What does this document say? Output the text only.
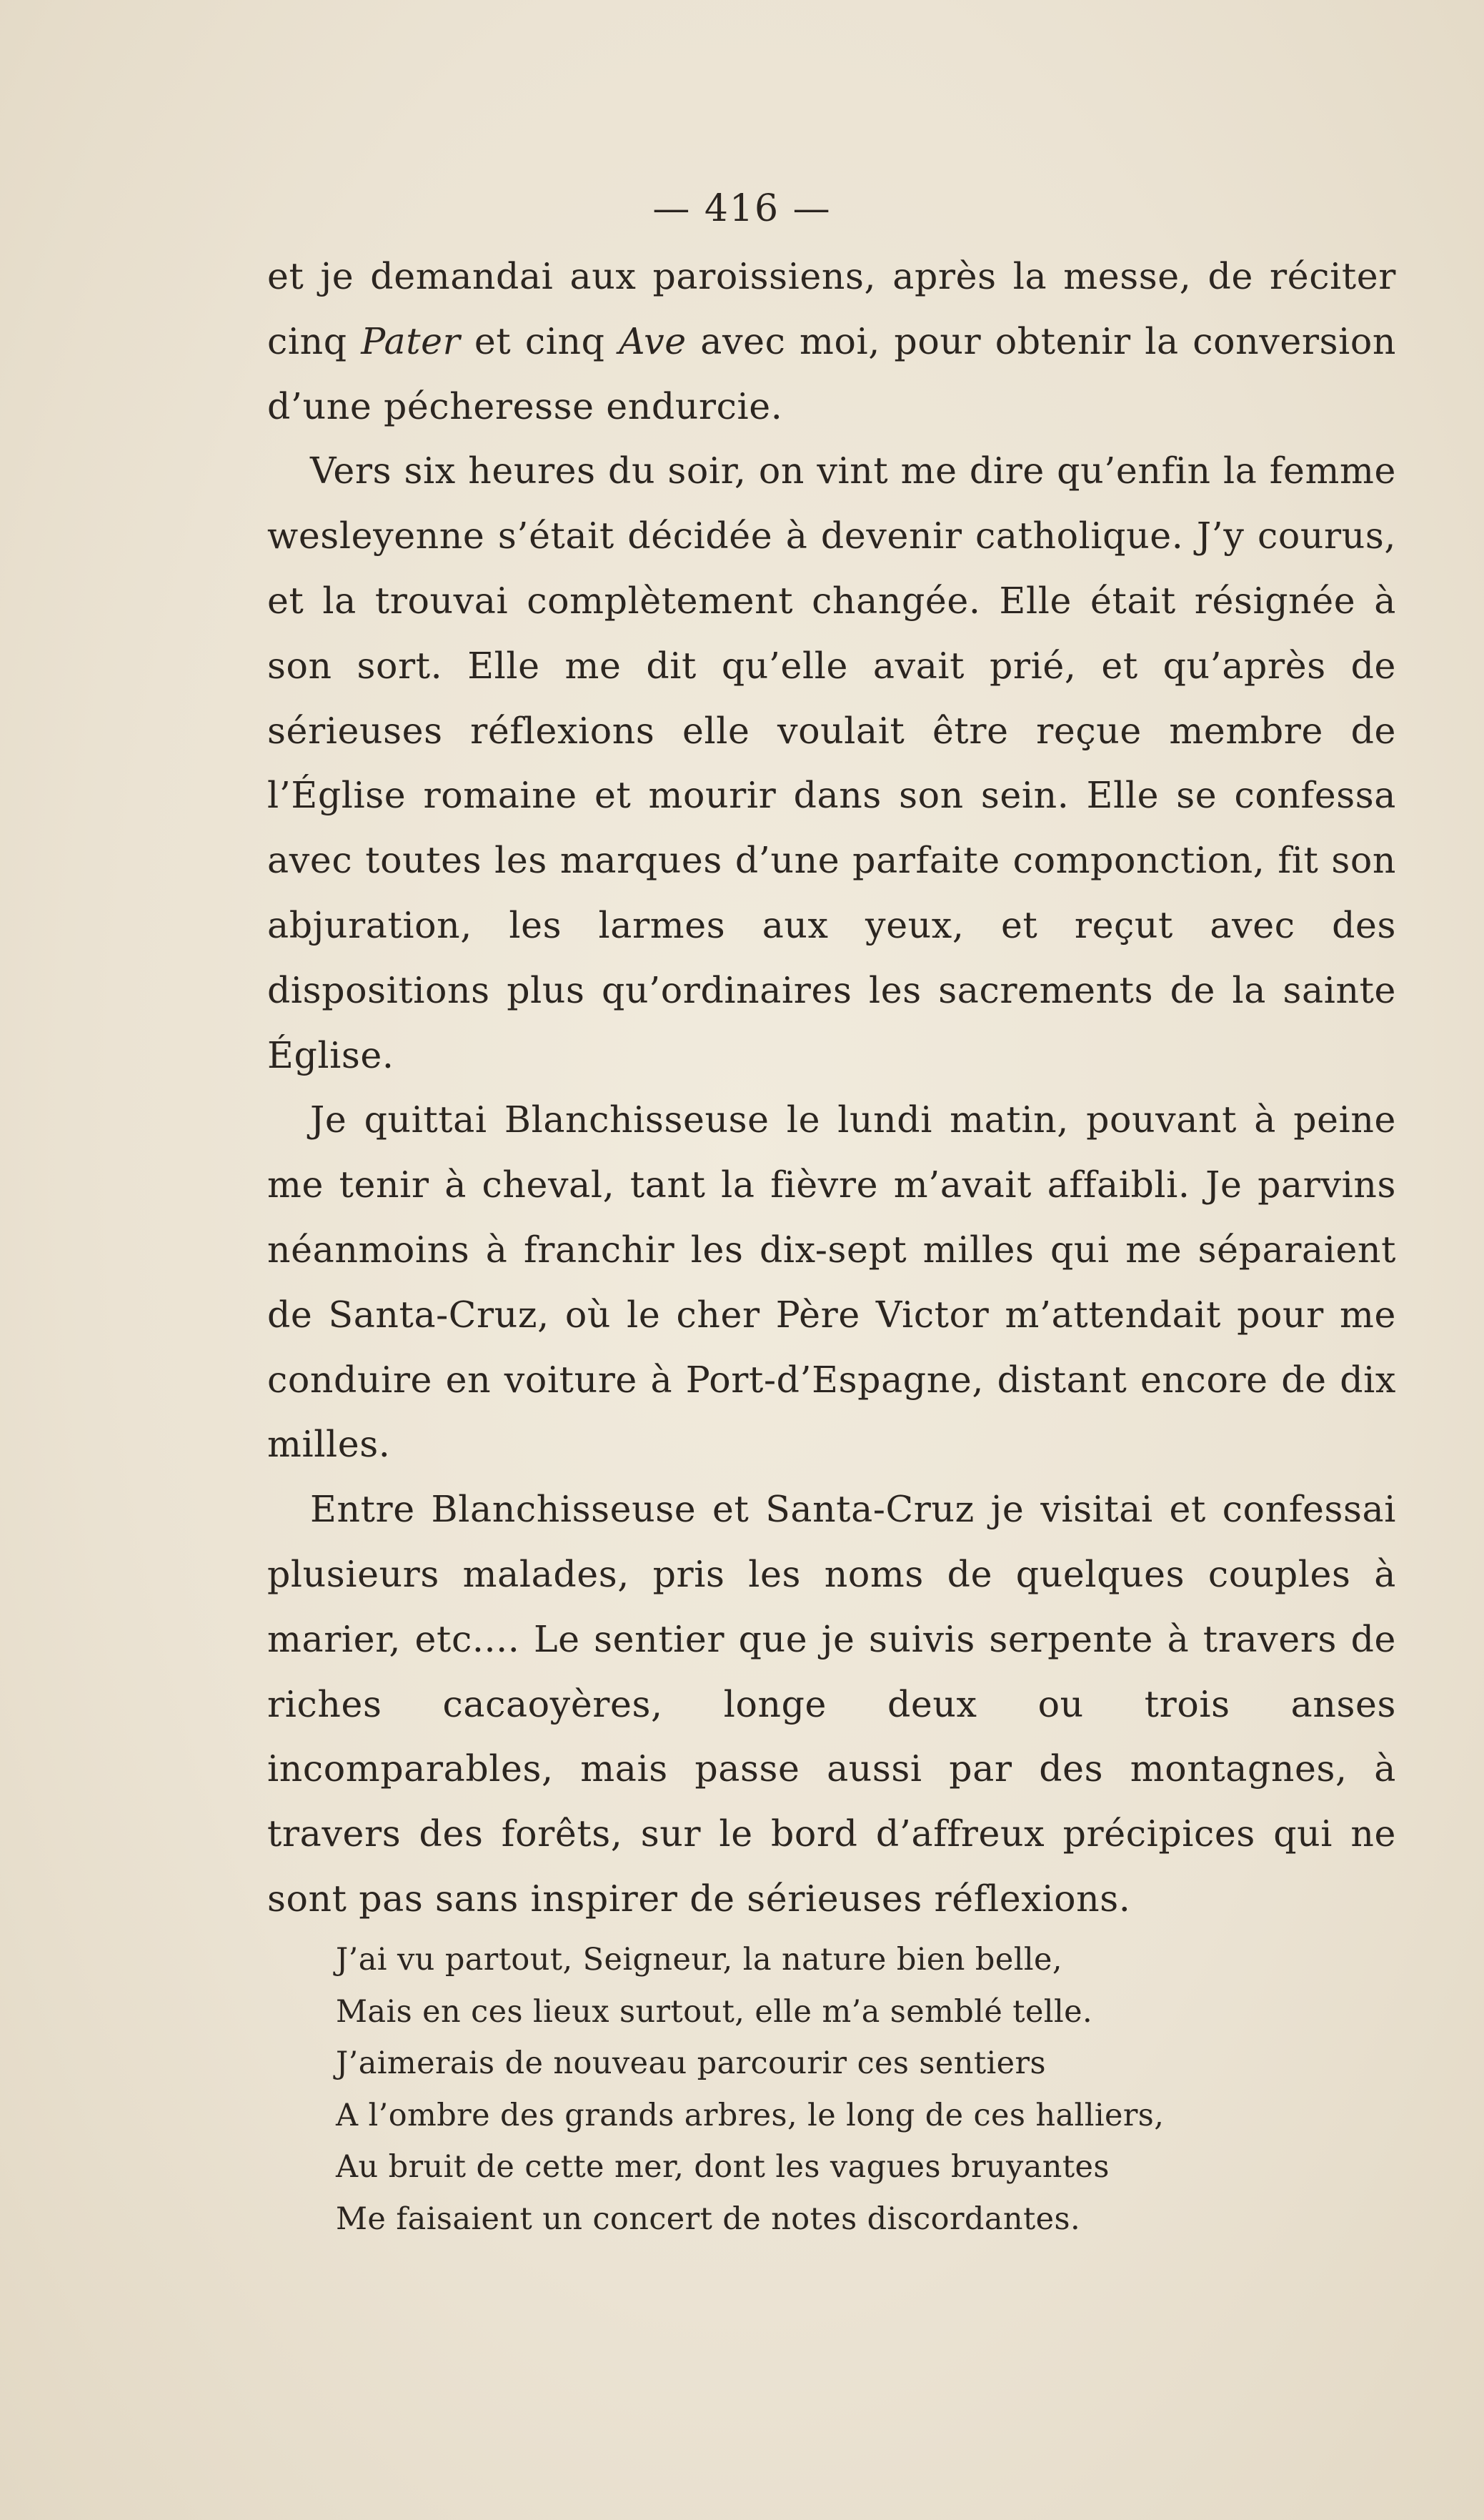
— 416 —

et je demandai aux paroissiens, après la messe, de réciter cinq Pater et cinq Ave avec moi, pour obtenir la conversion d’une pécheresse endurcie.

Vers six heures du soir, on vint me dire qu’enfin la femme wesleyenne s’était décidée à devenir catholique. J’y courus, et la trouvai complètement changée. Elle était résignée à son sort. Elle me dit qu’elle avait prié, et qu’après de sérieuses réflexions elle voulait être reçue membre de l’Église romaine et mourir dans son sein. Elle se confessa avec toutes les marques d’une parfaite componction, fit son abjuration, les larmes aux yeux, et reçut avec des dispositions plus qu’ordinaires les sacrements de la sainte Église.

Je quittai Blanchisseuse le lundi matin, pouvant à peine me tenir à cheval, tant la fièvre m’avait affaibli. Je parvins néanmoins à franchir les dix-sept milles qui me séparaient de Santa-Cruz, où le cher Père Victor m’attendait pour me conduire en voiture à Port-d’Espagne, distant encore de dix milles.

Entre Blanchisseuse et Santa-Cruz je visitai et confessai plusieurs malades, pris les noms de quelques couples à marier, etc.... Le sentier que je suivis serpente à travers de riches cacaoyères, longe deux ou trois anses incomparables, mais passe aussi par des montagnes, à travers des forêts, sur le bord d’affreux précipices qui ne sont pas sans inspirer de sérieuses réflexions.

J’ai vu partout, Seigneur, la nature bien belle,
Mais en ces lieux surtout, elle m’a semblé telle.
J’aimerais de nouveau parcourir ces sentiers
A l’ombre des grands arbres, le long de ces halliers,
Au bruit de cette mer, dont les vagues bruyantes
Me faisaient un concert de notes discordantes.
